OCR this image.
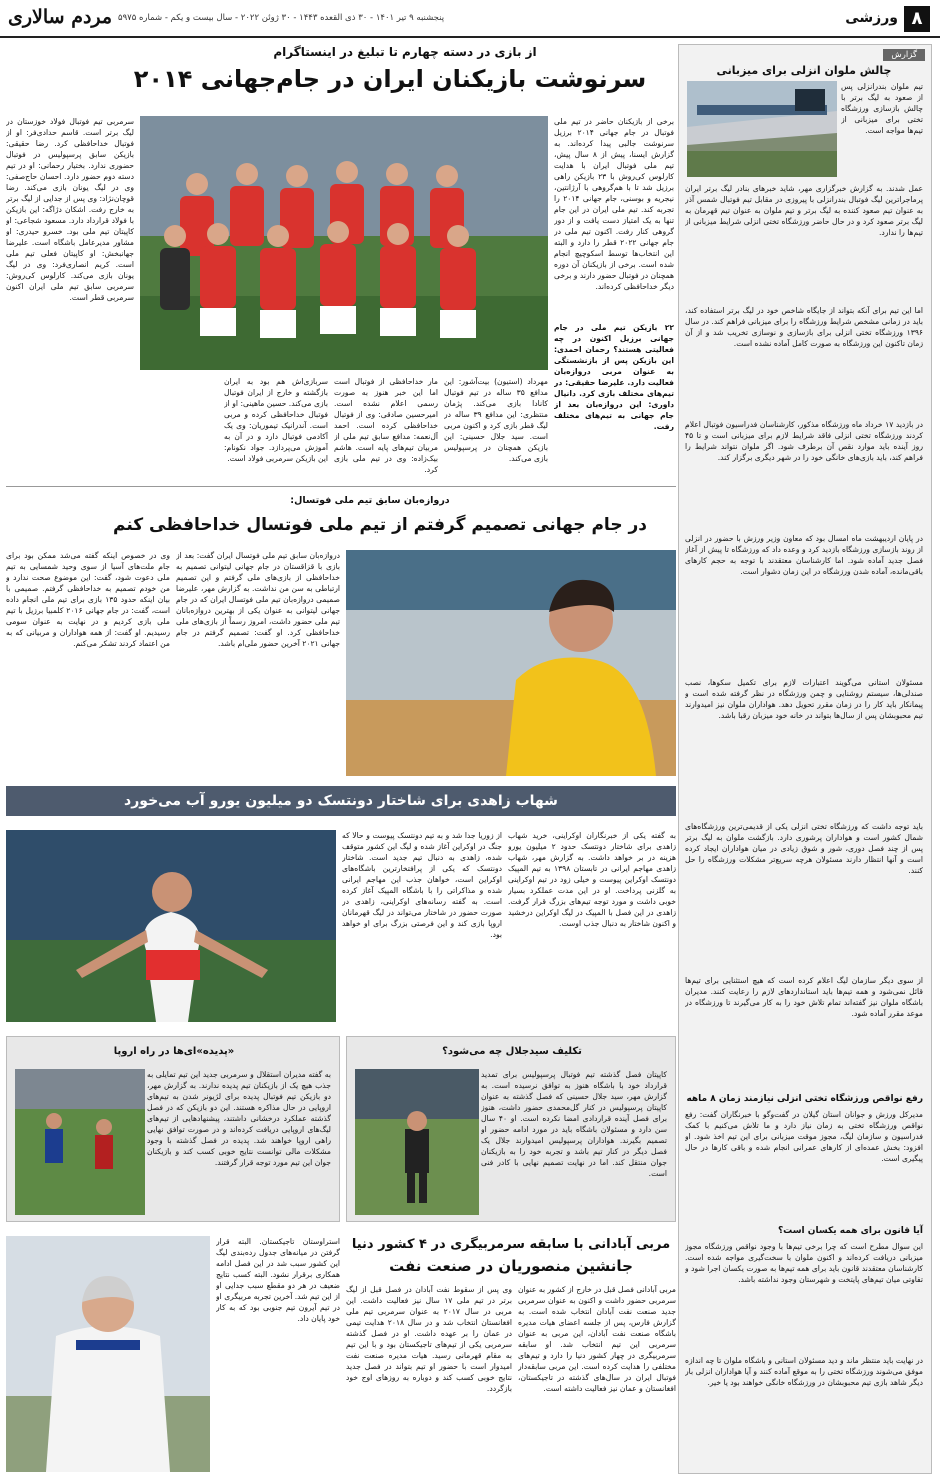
۸
ورزشی
پنجشنبه ۹ تیر ۱۴۰۱ - ۳۰ ذی القعده ۱۴۴۳ - ۳۰ ژوئن ۲۰۲۲ - سال بیست و یکم - شماره ۵۹۷۵
مردم سالاری
گزارش
چالش ملوان انزلی برای میزبانی
تیم ملوان بندرانزلی پس از صعود به لیگ برتر با چالش بازسازی ورزشگاه تختی برای میزبانی از تیم‌ها مواجه است.
عمل شدند. به گزارش خبرگزاری مهر، شاید خبرهای بنادر لیگ برتر ایران پرماجراترین لیگ فوتبال بندرانزلی با پیروزی در مقابل تیم فوتبال شمس آذر به عنوان تیم صعود کننده به لیگ برتر و تیم ملوان به عنوان تیم قهرمان به لیگ برتر صعود کرد و در حال حاضر ورزشگاه تختی انزلی شرایط میزبانی از تیم‌ها را ندارد.
اما این تیم برای آنکه بتواند از جایگاه شاخص خود در لیگ برتر استفاده کند، باید در زمانی مشخص شرایط ورزشگاه را برای میزبانی فراهم کند. در سال ۱۳۹۶ ورزشگاه تختی انزلی برای بازسازی و نوسازی تخریب شد و از آن زمان تاکنون این ورزشگاه به صورت کامل آماده نشده است.
در بازدید ۱۷ خرداد ماه ورزشگاه مذکور، کارشناسان فدراسیون فوتبال اعلام کردند ورزشگاه تختی انزلی فاقد شرایط لازم برای میزبانی است و تا ۴۵ روز آینده باید موارد نقص آن برطرف شود. اگر ملوان نتواند شرایط را فراهم کند، باید بازی‌های خانگی خود را در شهر دیگری برگزار کند.
در پایان اردیبهشت ماه امسال بود که معاون وزیر ورزش با حضور در انزلی از روند بازسازی ورزشگاه بازدید کرد و وعده داد که ورزشگاه تا پیش از آغاز فصل جدید آماده شود. اما کارشناسان معتقدند با توجه به حجم کارهای باقی‌مانده، آماده شدن ورزشگاه در این زمان دشوار است.
مسئولان استانی می‌گویند اعتبارات لازم برای تکمیل سکوها، نصب صندلی‌ها، سیستم روشنایی و چمن ورزشگاه در نظر گرفته شده است و پیمانکار باید کار را در زمان مقرر تحویل دهد. هواداران ملوان نیز امیدوارند تیم محبوبشان پس از سال‌ها بتواند در خانه خود میزبان رقبا باشد.
باید توجه داشت که ورزشگاه تختی انزلی یکی از قدیمی‌ترین ورزشگاه‌های شمال کشور است و هواداران پرشوری دارد. بازگشت ملوان به لیگ برتر پس از چند فصل دوری، شور و شوق زیادی در میان هواداران ایجاد کرده است و آنها انتظار دارند مسئولان هرچه سریع‌تر مشکلات ورزشگاه را حل کنند.
از سوی دیگر سازمان لیگ اعلام کرده است که هیچ استثنایی برای تیم‌ها قائل نمی‌شود و همه تیم‌ها باید استانداردهای لازم را رعایت کنند. مدیران باشگاه ملوان نیز گفته‌اند تمام تلاش خود را به کار می‌گیرند تا ورزشگاه در موعد مقرر آماده شود.
رفع نواقص ورزشگاه تختی انزلی نیازمند زمان ۸ ماهه
مدیرکل ورزش و جوانان استان گیلان در گفت‌وگو با خبرنگاران گفت: رفع نواقص ورزشگاه تختی به زمان نیاز دارد و ما تلاش می‌کنیم با کمک فدراسیون و سازمان لیگ، مجوز موقت میزبانی برای این تیم اخذ شود. او افزود: بخش عمده‌ای از کارهای عمرانی انجام شده و باقی کارها در حال پیگیری است.
آیا قانون برای همه یکسان است؟
این سوال مطرح است که چرا برخی تیم‌ها با وجود نواقص ورزشگاه مجوز میزبانی دریافت کرده‌اند و اکنون ملوان با سخت‌گیری مواجه شده است. کارشناسان معتقدند قانون باید برای همه تیم‌ها به صورت یکسان اجرا شود و تفاوتی میان تیم‌های پایتخت و شهرستان وجود نداشته باشد.
در نهایت باید منتظر ماند و دید مسئولان استانی و باشگاه ملوان تا چه اندازه موفق می‌شوند ورزشگاه تختی را به موقع آماده کنند و آیا هواداران انزلی بار دیگر شاهد بازی تیم محبوبشان در ورزشگاه خانگی خواهند بود یا خیر.
از بازی در دسته چهارم تا تبلیغ در اینستاگرام
سرنوشت بازیکنان ایران در جام‌جهانی ۲۰۱۴
برخی از بازیکنان حاضر در تیم ملی فوتبال در جام جهانی ۲۰۱۴ برزیل سرنوشت جالبی پیدا کرده‌اند. به گزارش ایسنا، پیش از ۸ سال پیش، تیم ملی فوتبال ایران با هدایت کارلوس کی‌روش با ۲۳ بازیکن راهی برزیل شد تا با هم‌گروهی با آرژانتین، نیجریه و بوسنی، جام جهانی ۲۰۱۴ را تجربه کند. تیم ملی ایران در این جام تنها به یک امتیاز دست یافت و از دور گروهی کنار رفت. اکنون تیم ملی در جام جهانی ۲۰۲۲ قطر را دارد و البته این انتخاب‌ها توسط اسکوچیچ انجام شده است. برخی از بازیکنان آن دوره همچنان در فوتبال حضور دارند و برخی دیگر خداحافظی کرده‌اند.
۲۲ بازیکن تیم ملی در جام جهانی برزیل اکنون در چه فعالیتی هستند؟ رحمان احمدی: این بازیکن پس از بازنشستگی به عنوان مربی دروازه‌بان فعالیت دارد. علیرضا حقیقی: در تیم‌های مختلف بازی کرد. دانیال داوری: این دروازه‌بان بعد از جام جهانی به تیم‌های مختلف رفت.
مهرداد (استیون) بیت‌آشور: این مدافع ۳۵ ساله در تیم فوتبال کانادا بازی می‌کند. پژمان منتظری: این مدافع ۳۹ ساله در لیگ قطر بازی کرد و اکنون مربی است. سید جلال حسینی: این بازیکن همچنان در پرسپولیس بازی می‌کند.
مار خداحافظی از فوتبال است اما این خبر هنوز به صورت رسمی اعلام نشده است. امیرحسین صادقی: وی از فوتبال خداحافظی کرده است. احمد آل‌نعمه: مدافع سابق تیم ملی از مربیان تیم‌های پایه است. هاشم بیک‌زاده: وی در تیم ملی بازی کرد.
سربازی‌اش هم بود به ایران بازگشته و خارج از ایران فوتبال بازی می‌کند. حسین ماهینی: او از فوتبال خداحافظی کرده و مربی است. آندرانیک تیموریان: وی یک آکادمی فوتبال دارد و در آن به آموزش می‌پردازد. جواد نکونام: این بازیکن سرمربی فولاد است.
سرمربی تیم فوتبال فولاد خوزستان در لیگ برتر است. قاسم حدادی‌فر: او از فوتبال خداحافظی کرد. رضا حقیقی: بازیکن سابق پرسپولیس در فوتبال حضوری ندارد. بختیار رحمانی: او در تیم دسته دوم حضور دارد. احسان حاج‌صفی: وی در لیگ یونان بازی می‌کند. رضا قوچان‌نژاد: وی پس از جدایی از لیگ برتر به خارج رفت. اشکان دژاگه: این بازیکن با فولاد قرارداد دارد. مسعود شجاعی: او کاپیتان تیم ملی بود. خسرو حیدری: او مشاور مدیرعامل باشگاه است. علیرضا جهانبخش: او کاپیتان فعلی تیم ملی است. کریم انصاری‌فرد: وی در لیگ یونان بازی می‌کند. کارلوس کی‌روش: سرمربی سابق تیم ملی ایران اکنون سرمربی قطر است.
دروازه‌بان سابق تیم ملی فوتسال:
در جام جهانی تصمیم گرفتم از تیم ملی فوتسال خداحافظی کنم
دروازه‌بان سابق تیم ملی فوتسال ایران گفت: بعد از بازی با قزاقستان در جام جهانی لیتوانی تصمیم به خداحافظی از بازی‌های ملی گرفتم و این تصمیم ارتباطی به سن من نداشت. به گزارش مهر، علیرضا صمیمی دروازه‌بان تیم ملی فوتسال ایران که در جام جهانی لیتوانی به عنوان یکی از بهترین دروازه‌بانان تیم ملی حضور داشت، امروز رسماً از بازی‌های ملی خداحافظی کرد. او گفت: تصمیم گرفتم در جام جهانی ۲۰۲۱ آخرین حضور ملی‌ام باشد.
وی در خصوص اینکه گفته می‌شد ممکن بود برای جام ملت‌های آسیا از سوی وحید شمسایی به تیم ملی دعوت شود، گفت: این موضوع صحت ندارد و من خودم تصمیم به خداحافظی گرفتم. صمیمی با بیان اینکه حدود ۱۳۵ بازی برای تیم ملی انجام داده است، گفت: در جام جهانی ۲۰۱۶ کلمبیا برزیل با تیم ملی بازی کردیم و در نهایت به عنوان سومی رسیدیم. او گفت: از همه هواداران و مربیانی که به من اعتماد کردند تشکر می‌کنم.
شهاب زاهدی برای شاختار دونتسک دو میلیون یورو آب می‌خورد
به گفته یکی از خبرنگاران اوکراینی، خرید شهاب زاهدی برای شاختار دونتسک حدود ۲ میلیون یورو هزینه در بر خواهد داشت. به گزارش مهر، شهاب زاهدی مهاجم ایرانی در تابستان ۱۳۹۸ به تیم المپیک دونتسک اوکراین پیوست و خیلی زود در تیم اوکراینی به گلزنی پرداخت. او در این مدت عملکرد بسیار خوبی داشت و مورد توجه تیم‌های بزرگ قرار گرفت. زاهدی در این فصل با المپیک در لیگ اوکراین درخشید و اکنون شاختار به دنبال جذب اوست.
از زوریا جدا شد و به تیم دونتسک پیوست و حالا که جنگ در اوکراین آغاز شده و لیگ این کشور متوقف شده، زاهدی به دنبال تیم جدید است. شاختار دونتسک که یکی از پرافتخارترین باشگاه‌های اوکراین است، خواهان جذب این مهاجم ایرانی شده و مذاکراتی را با باشگاه المپیک آغاز کرده است. به گفته رسانه‌های اوکراینی، زاهدی در صورت حضور در شاختار می‌تواند در لیگ قهرمانان اروپا بازی کند و این فرصتی بزرگ برای او خواهد بود.
تکلیف سیدجلال چه می‌شود؟
کاپیتان فصل گذشته تیم فوتبال پرسپولیس برای تمدید قرارداد خود با باشگاه هنوز به توافق نرسیده است. به گزارش مهر، سید جلال حسینی که فصل گذشته به عنوان کاپیتان پرسپولیس در کنار گل‌محمدی حضور داشت، هنوز برای فصل آینده قراردادی امضا نکرده است. او ۴۰ سال سن دارد و مسئولان باشگاه باید در مورد ادامه حضور او تصمیم بگیرند. هواداران پرسپولیس امیدوارند جلال یک فصل دیگر در کنار تیم باشد و تجربه خود را به بازیکنان جوان منتقل کند. اما در نهایت تصمیم نهایی با کادر فنی است.
«پدیده»ای‌ها در راه اروپا
به گفته مدیران استقلال و سرمربی جدید این تیم تمایلی به جذب هیچ یک از بازیکنان تیم پدیده ندارند. به گزارش مهر، دو بازیکن تیم فوتبال پدیده برای لژیونر شدن به تیم‌های اروپایی در حال مذاکره هستند. این دو بازیکن که در فصل گذشته عملکرد درخشانی داشتند، پیشنهادهایی از تیم‌های لیگ‌های اروپایی دریافت کرده‌اند و در صورت توافق نهایی راهی اروپا خواهند شد. پدیده در فصل گذشته با وجود مشکلات مالی توانست نتایج خوبی کسب کند و بازیکنان جوان این تیم مورد توجه قرار گرفتند.
مربی آبادانی با سابقه سرمربیگری در ۴ کشور دنیا
جانشین منصوریان در صنعت نفت
مربی آبادانی فصل قبل در خارج از کشور به عنوان سرمربی حضور داشت و اکنون به عنوان سرمربی جدید صنعت نفت آبادان انتخاب شده است. به گزارش فارس، پس از جلسه اعضای هیات مدیره باشگاه صنعت نفت آبادان، این مربی به عنوان سرمربی این تیم انتخاب شد. او سابقه سرمربیگری در چهار کشور دنیا را دارد و تیم‌های مختلفی را هدایت کرده است. این مربی سابقه‌دار فوتبال ایران در سال‌های گذشته در تاجیکستان، افغانستان و عمان نیز فعالیت داشته است.
وی پس از سقوط نفت آبادان در فصل قبل از لیگ برتر در تیم ملی ۱۷ سال نیز فعالیت داشت. این مربی در سال ۲۰۱۷ به عنوان سرمربی تیم ملی افغانستان انتخاب شد و در سال ۲۰۱۸ هدایت تیمی در عمان را بر عهده داشت. او در فصل گذشته سرمربی یکی از تیم‌های تاجیکستان بود و با این تیم به مقام قهرمانی رسید. هیات مدیره صنعت نفت امیدوار است با حضور او تیم بتواند در فصل جدید نتایج خوبی کسب کند و دوباره به روزهای اوج خود بازگردد.
استراوستان تاجیکستان. البته قرار گرفتن در میانه‌های جدول رده‌بندی لیگ این کشور سبب شد در این فصل ادامه همکاری برقرار نشود. البته کسب نتایج ضعیف در هر دو مقطع سبب جدایی او از این تیم شد. آخرین تجربه مربیگری او در تیم آیرون تیم جنوبی بود که به کار خود پایان داد.
